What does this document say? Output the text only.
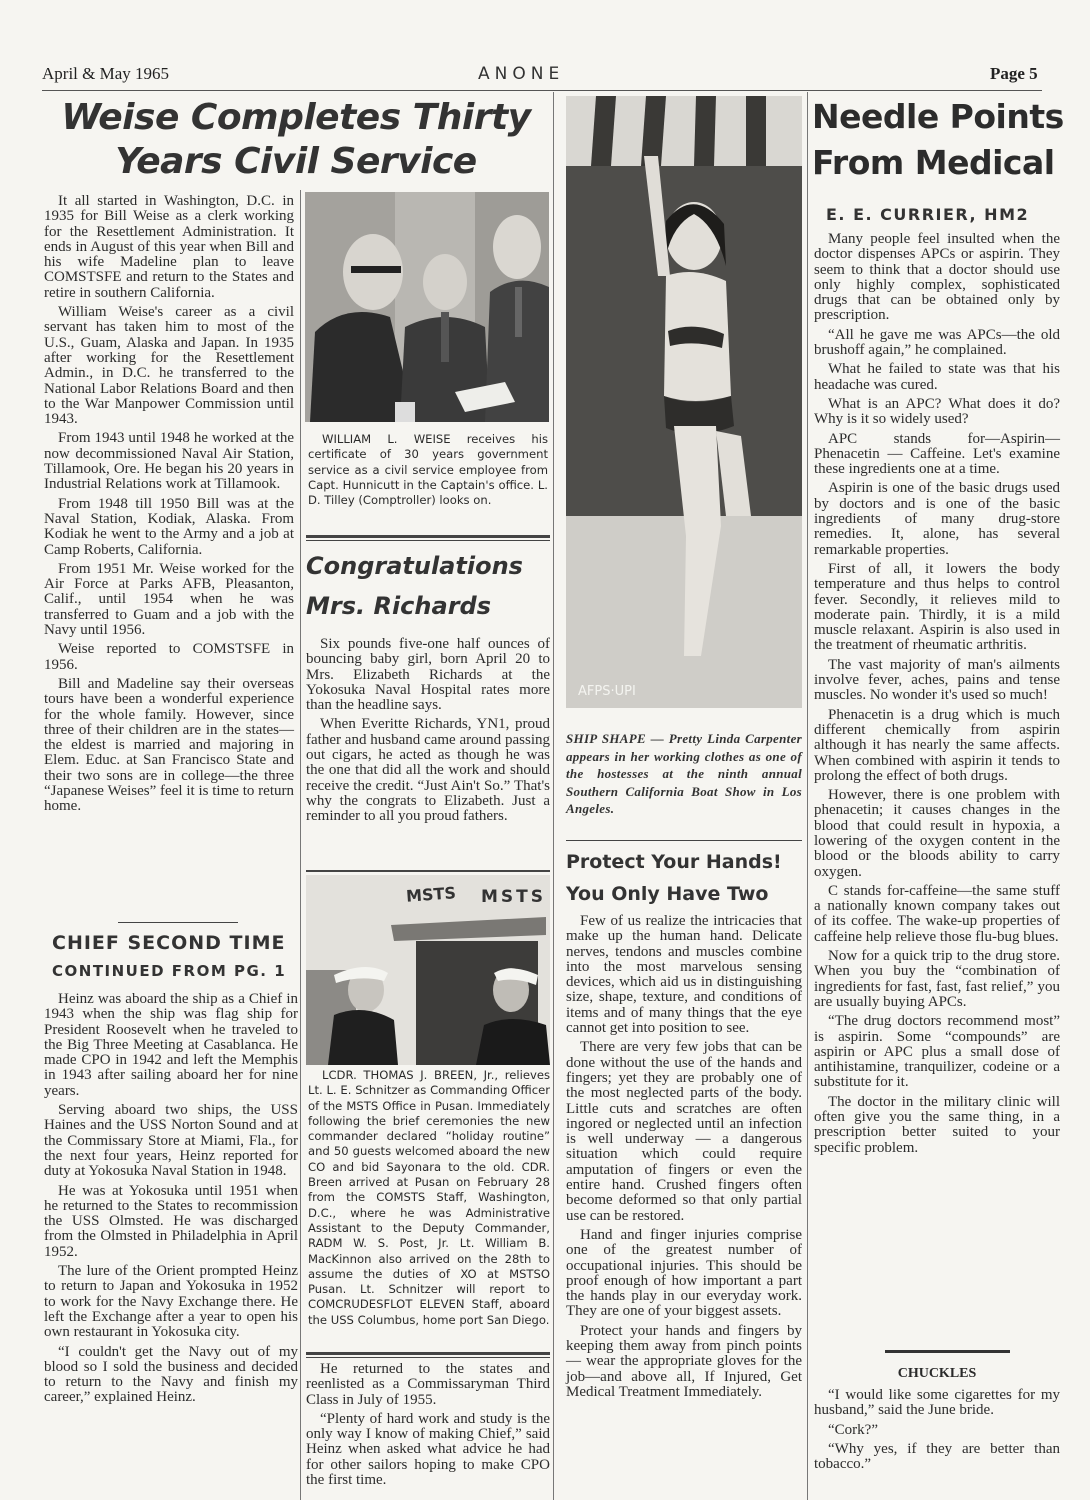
April & May 1965	ANONE	Page 5
Weise Completes Thirty
Years Civil Service

It all started in Washington, D.C. in 1935 for Bill Weise as a clerk working for the Resettlement Administration. It ends in August of this year when Bill and his wife Madeline plan to leave COMSTSFE and return to the States and retire in southern California.

William Weise's career as a civil servant has taken him to most of the U.S., Guam, Alaska and Japan. In 1935 after working for the Resettlement Admin., in D.C. he transferred to the National Labor Relations Board and then to the War Manpower Commission until 1943.

From 1943 until 1948 he worked at the now decommissioned Naval Air Station, Tillamook, Ore. He began his 20 years in Industrial Relations work at Tillamook.

From 1948 till 1950 Bill was at the Naval Station, Kodiak, Alaska. From Kodiak he went to the Army and a job at Camp Roberts, California.

From 1951 Mr. Weise worked for the Air Force at Parks AFB, Pleasanton, Calif., until 1954 when he was transferred to Guam and a job with the Navy until 1956.

Weise reported to COMSTSFE in 1956.

Bill and Madeline say their overseas tours have been a wonderful experience for the whole family. However, since three of their children are in the states—the eldest is married and majoring in Elem. Educ. at San Francisco State and their two sons are in college—the three “Japanese Weises” feel it is time to return home.

CHIEF SECOND TIME
CONTINUED FROM PG. 1

Heinz was aboard the ship as a Chief in 1943 when the ship was flag ship for President Roosevelt when he traveled to the Big Three Meeting at Casablanca. He made CPO in 1942 and left the Memphis in 1943 after sailing aboard her for nine years.

Serving aboard two ships, the USS Haines and the USS Norton Sound and at the Commissary Store at Miami, Fla., for the next four years, Heinz reported for duty at Yokosuka Naval Station in 1948.

He was at Yokosuka until 1951 when he returned to the States to recommission the USS Olmsted. He was discharged from the Olmsted in Philadelphia in April 1952.

The lure of the Orient prompted Heinz to return to Japan and Yokosuka in 1952 to work for the Navy Exchange there. He left the Exchange after a year to open his own restaurant in Yokosuka city.

“I couldn't get the Navy out of my blood so I sold the business and decided to return to the Navy and finish my career,” explained Heinz.

WILLIAM L. WEISE receives his certificate of 30 years government service as a civil service employee from Capt. Hunnicutt in the Captain's office. L. D. Tilley (Comptroller) looks on.

Congratulations
Mrs. Richards

Six pounds five-one half ounces of bouncing baby girl, born April 20 to Mrs. Elizabeth Richards at the Yokosuka Naval Hospital rates more than the headline says.

When Everitte Richards, YN1, proud father and husband came around passing out cigars, he acted as though he was the one that did all the work and should receive the credit. “Just Ain't So.” That's why the congrats to Elizabeth. Just a reminder to all you proud fathers.

MSTS MSTS

LCDR. THOMAS J. BREEN, Jr., relieves Lt. L. E. Schnitzer as Commanding Officer of the MSTS Office in Pusan. Immediately following the brief ceremonies the new commander declared “holiday routine” and 50 guests welcomed aboard the new CO and bid Sayonara to the old. CDR. Breen arrived at Pusan on February 28 from the COMSTS Staff, Washington, D.C., where he was Administrative Assistant to the Deputy Commander, RADM W. S. Post, Jr. Lt. William B. MacKinnon also arrived on the 28th to assume the duties of XO at MSTSO Pusan. Lt. Schnitzer will report to COMCRUDESFLOT ELEVEN Staff, aboard the USS Columbus, home port San Diego.

He returned to the states and reenlisted as a Commissaryman Third Class in July of 1955.

“Plenty of hard work and study is the only way I know of making Chief,” said Heinz when asked what advice he had for other sailors hoping to make CPO the first time.

AFPS·UPI
SHIP SHAPE — Pretty Linda Carpenter appears in her working clothes as one of the hostesses at the ninth annual Southern California Boat Show in Los Angeles.
Protect Your Hands!
You Only Have Two

Few of us realize the intricacies that make up the human hand. Delicate nerves, tendons and muscles combine into the most marvelous sensing devices, which aid us in distinguishing size, shape, texture, and conditions of items and of many things that the eye cannot get into position to see.

There are very few jobs that can be done without the use of the hands and fingers; yet they are probably one of the most neglected parts of the body. Little cuts and scratches are often ingored or neglected until an infection is well underway — a dangerous situation which could require amputation of fingers or even the entire hand. Crushed fingers often become deformed so that only partial use can be restored.

Hand and finger injuries comprise one of the greatest number of occupational injuries. This should be proof enough of how important a part the hands play in our everyday work. They are one of your biggest assets.

Protect your hands and fingers by keeping them away from pinch points — wear the appropriate gloves for the job—and above all, If Injured, Get Medical Treatment Immediately.

Needle Points
From Medical
E. E. CURRIER, HM2

Many people feel insulted when the doctor dispenses APCs or aspirin. They seem to think that a doctor should use only highly complex, sophisticated drugs that can be obtained only by prescription.

“All he gave me was APCs—the old brushoff again,” he complained.

What he failed to state was that his headache was cured.

What is an APC? What does it do? Why is it so widely used?

APC stands for—Aspirin—Phenacetin — Caffeine. Let's examine these ingredients one at a time.

Aspirin is one of the basic drugs used by doctors and is one of the basic ingredients of many drug-store remedies. It, alone, has several remarkable properties.

First of all, it lowers the body temperature and thus helps to control fever. Secondly, it relieves mild to moderate pain. Thirdly, it is a mild muscle relaxant. Aspirin is also used in the treatment of rheumatic arthritis.

The vast majority of man's ailments involve fever, aches, pains and tense muscles. No wonder it's used so much!

Phenacetin is a drug which is much different chemically from aspirin although it has nearly the same affects. When combined with aspirin it tends to prolong the effect of both drugs.

However, there is one problem with phenacetin; it causes changes in the blood that could result in hypoxia, a lowering of the oxygen content in the blood or the bloods ability to carry oxygen.

C stands for-caffeine—the same stuff a nationally known company takes out of its coffee. The wake-up properties of caffeine help relieve those flu-bug blues.

Now for a quick trip to the drug store. When you buy the “combination of ingredients for fast, fast, fast relief,” you are usually buying APCs.

“The drug doctors recommend most” is aspirin. Some “compounds” are aspirin or APC plus a small dose of antihistamine, tranquilizer, codeine or a substitute for it.

The doctor in the military clinic will often give you the same thing, in a prescription better suited to your specific problem.

CHUCKLES

“I would like some cigarettes for my husband,” said the June bride.

“Cork?”

“Why yes, if they are better than tobacco.”
